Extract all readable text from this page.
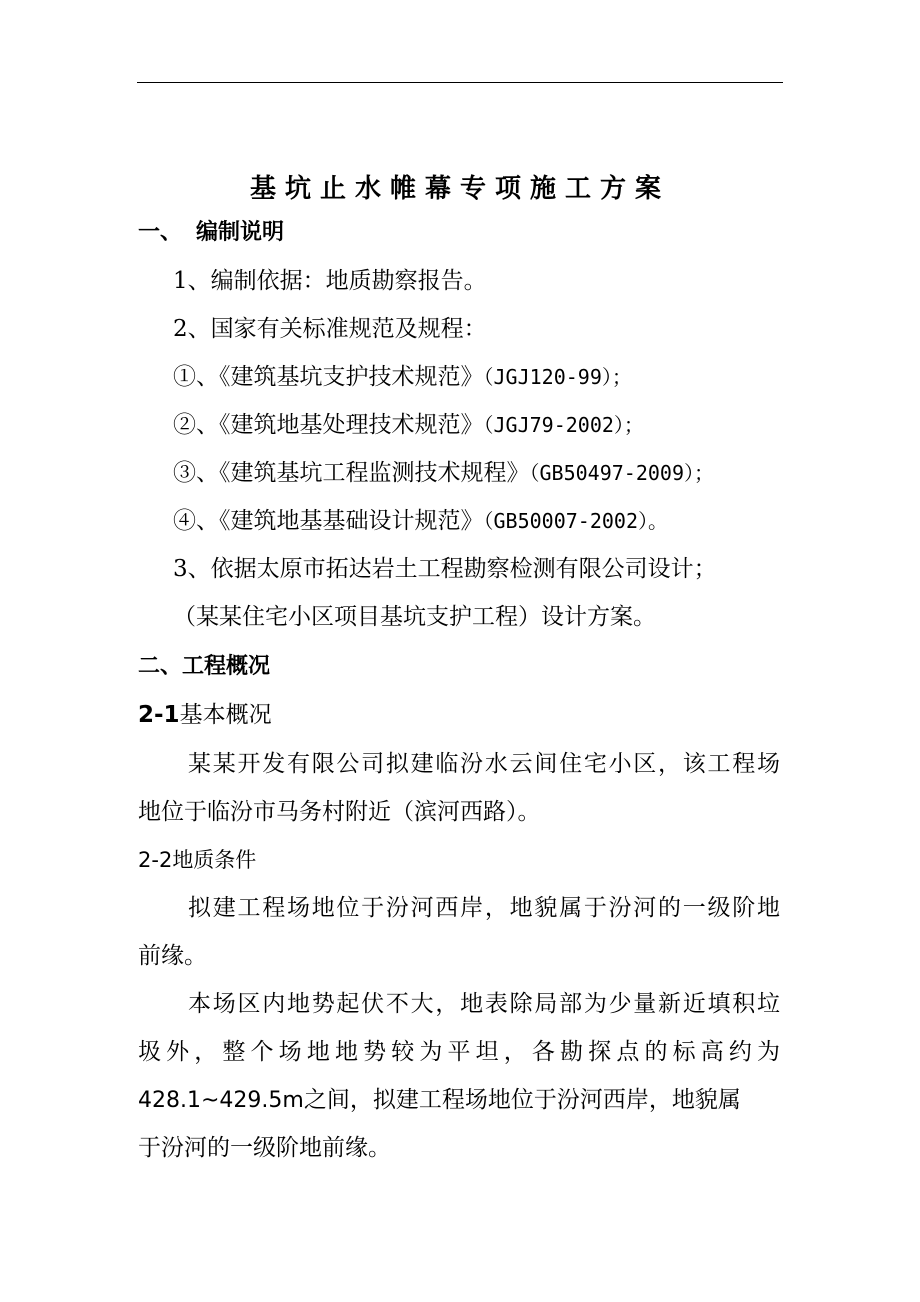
基坑止水帷幕专项施工方案
一、 编制说明
1、编制依据：地质勘察报告。
2、国家有关标准规范及规程：
①、《建筑基坑支护技术规范》（JGJ120-99）；
②、《建筑地基处理技术规范》（JGJ79-2002）；
③、《建筑基坑工程监测技术规程》（GB50497-2009）；
④、《建筑地基基础设计规范》（GB50007-2002）。
3、依据太原市拓达岩土工程勘察检测有限公司设计；
（某某住宅小区项目基坑支护工程）设计方案。
二、工程概况
2-1基本概况
某某开发有限公司拟建临汾水云间住宅小区，该工程场
地位于临汾市马务村附近（滨河西路）。
2-2地质条件
拟建工程场地位于汾河西岸，地貌属于汾河的一级阶地
前缘。
本场区内地势起伏不大，地表除局部为少量新近填积垃
圾外，整个场地地势较为平坦，各勘探点的标高约为
428.1~429.5m之间，拟建工程场地位于汾河西岸，地貌属
于汾河的一级阶地前缘。
